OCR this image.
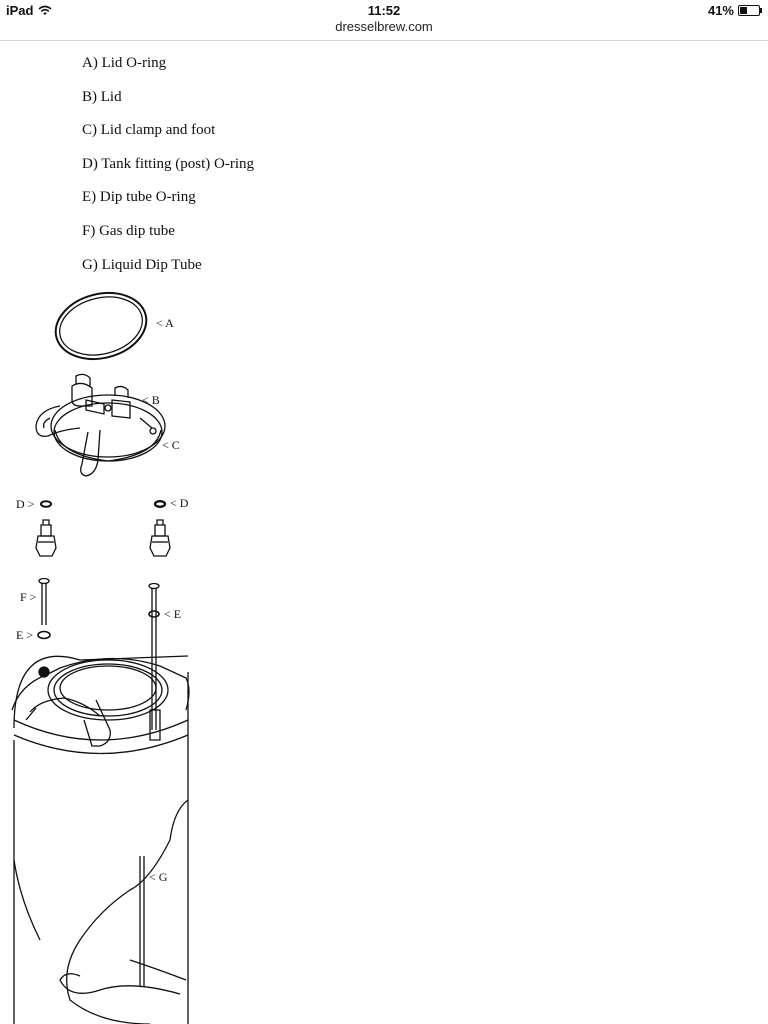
iPad	11:52
dresselbrew.com
41%
A) Lid O-ring
B) Lid
C) Lid clamp and foot
D) Tank fitting (post) O-ring
E) Dip tube O-ring
F) Gas dip tube
G) Liquid Dip Tube
< A
< B
< C
D >	< D
F >
E >
< E
< G
